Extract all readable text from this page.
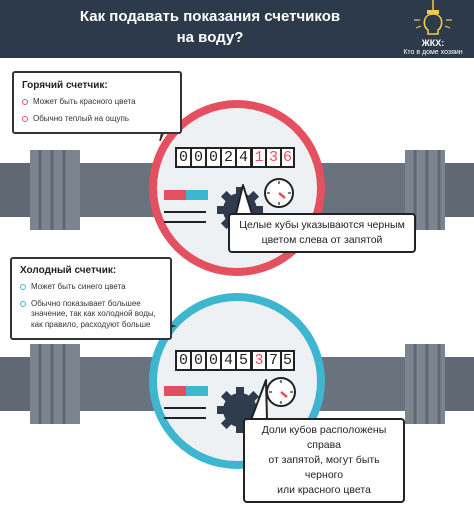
Как подавать показания счетчиков
на воду?	ЖКХ:
Кто в доме хозяин
0 0 0 2 4 1 3 6
0 0 0 4 5 3 7 5
Горячий счетчик:
Может быть красного цвета
Обычно теплый на ощупь
Холодный счетчик:
Может быть синего цвета
Обычно показывает большее значение, так как холодной воды, как правило, расходуют больше
Целые кубы указываются черным
цветом слева от запятой
Доли кубов расположены справа
от запятой, могут быть черного
или красного цвета
